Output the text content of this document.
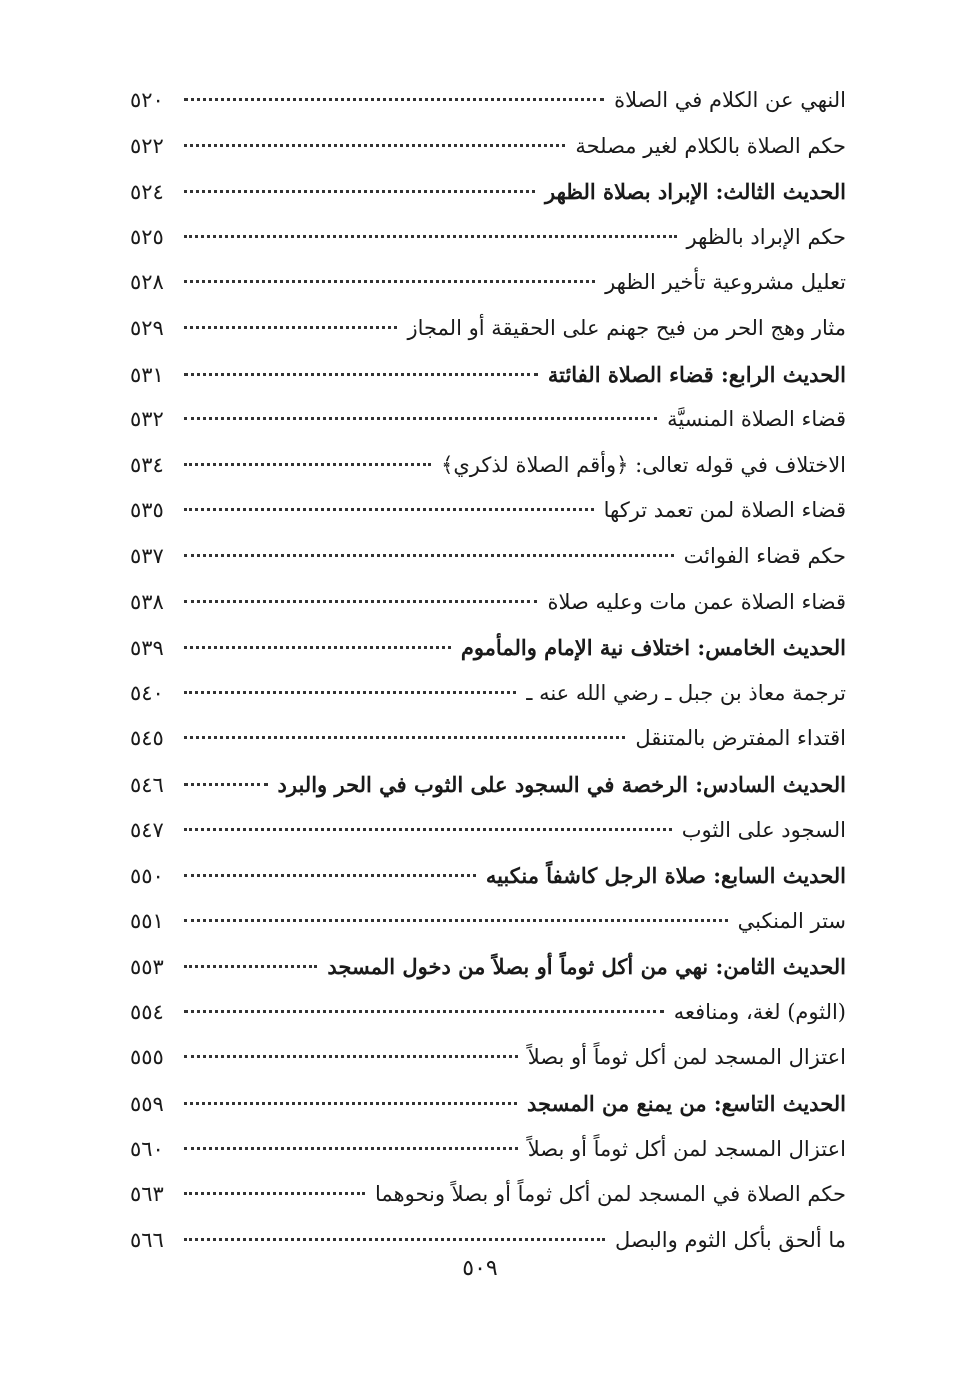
النهي عن الكلام في الصلاة
٥٢٠
حكم الصلاة بالكلام لغير مصلحة
٥٢٢
الحديث الثالث: الإبراد بصلاة الظهر
٥٢٤
حكم الإبراد بالظهر
٥٢٥
تعليل مشروعية تأخير الظهر
٥٢٨
مثار وهج الحر من فيح جهنم على الحقيقة أو المجاز
٥٢٩
الحديث الرابع: قضاء الصلاة الفائتة
٥٣١
قضاء الصلاة المنسيَّة
٥٣٢
الاختلاف في قوله تعالى: ﴿وأقم الصلاة لذكري﴾
٥٣٤
قضاء الصلاة لمن تعمد تركها
٥٣٥
حكم قضاء الفوائت
٥٣٧
قضاء الصلاة عمن مات وعليه صلاة
٥٣٨
الحديث الخامس: اختلاف نية الإمام والمأموم
٥٣٩
ترجمة معاذ بن جبل ـ رضي الله عنه ـ
٥٤٠
اقتداء المفترض بالمتنقل
٥٤٥
الحديث السادس: الرخصة في السجود على الثوب في الحر والبرد
٥٤٦
السجود على الثوب
٥٤٧
الحديث السابع: صلاة الرجل كاشفاً منكبيه
٥٥٠
ستر المنكبي
٥٥١
الحديث الثامن: نهي من أكل ثوماً أو بصلاً من دخول المسجد
٥٥٣
(الثوم) لغة، ومنافعه
٥٥٤
اعتزال المسجد لمن أكل ثوماً أو بصلاً
٥٥٥
الحديث التاسع: من يمنع من المسجد
٥٥٩
اعتزال المسجد لمن أكل ثوماً أو بصلاً
٥٦٠
حكم الصلاة في المسجد لمن أكل ثوماً أو بصلاً ونحوهما
٥٦٣
ما ألحق بأكل الثوم والبصل
٥٦٦
٥٠٩
